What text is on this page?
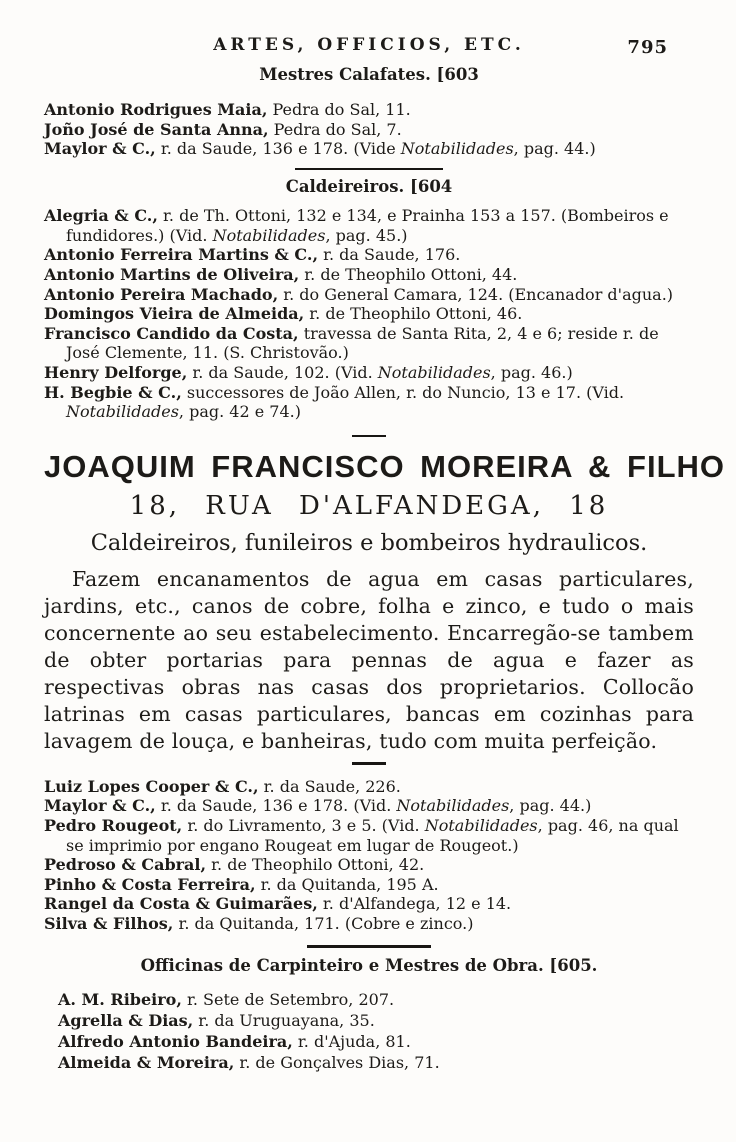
ARTES, OFFICIOS, ETC.	795
Mestres Calafates. [603
Antonio Rodrigues Maia, Pedra do Sal, 11.
Joño José de Santa Anna, Pedra do Sal, 7.
Maylor & C., r. da Saude, 136 e 178. (Vide Notabilidades, pag. 44.)
Caldeireiros. [604
Alegria & C., r. de Th. Ottoni, 132 e 134, e Prainha 153 a 157. (Bombeiros e fundidores.) (Vid. Notabilidades, pag. 45.)
Antonio Ferreira Martins & C., r. da Saude, 176.
Antonio Martins de Oliveira, r. de Theophilo Ottoni, 44.
Antonio Pereira Machado, r. do General Camara, 124. (Encanador d'agua.)
Domingos Vieira de Almeida, r. de Theophilo Ottoni, 46.
Francisco Candido da Costa, travessa de Santa Rita, 2, 4 e 6; reside r. de José Clemente, 11. (S. Christovão.)
Henry Delforge, r. da Saude, 102. (Vid. Notabilidades, pag. 46.)
H. Begbie & C., successores de João Allen, r. do Nuncio, 13 e 17. (Vid. Notabilidades, pag. 42 e 74.)
JOAQUIM FRANCISCO MOREIRA & FILHO
18, RUA D'ALFANDEGA, 18
Caldeireiros, funileiros e bombeiros hydraulicos.

Fazem encanamentos de agua em casas particulares, jardins, etc., canos de cobre, folha e zinco, e tudo o mais concernente ao seu estabelecimento. Encarregão-se tambem de obter portarias para pennas de agua e fazer as respectivas obras nas casas dos proprietarios. Collocão latrinas em casas particulares, bancas em cozinhas para lavagem de louça, e banheiras, tudo com muita perfeição.

Luiz Lopes Cooper & C., r. da Saude, 226.
Maylor & C., r. da Saude, 136 e 178. (Vid. Notabilidades, pag. 44.)
Pedro Rougeot, r. do Livramento, 3 e 5. (Vid. Notabilidades, pag. 46, na qual se imprimio por engano Rougeat em lugar de Rougeot.)
Pedroso & Cabral, r. de Theophilo Ottoni, 42.
Pinho & Costa Ferreira, r. da Quitanda, 195 A.
Rangel da Costa & Guimarães, r. d'Alfandega, 12 e 14.
Silva & Filhos, r. da Quitanda, 171. (Cobre e zinco.)
Officinas de Carpinteiro e Mestres de Obra. [605.
A. M. Ribeiro, r. Sete de Setembro, 207.
Agrella & Dias, r. da Uruguayana, 35.
Alfredo Antonio Bandeira, r. d'Ajuda, 81.
Almeida & Moreira, r. de Gonçalves Dias, 71.
